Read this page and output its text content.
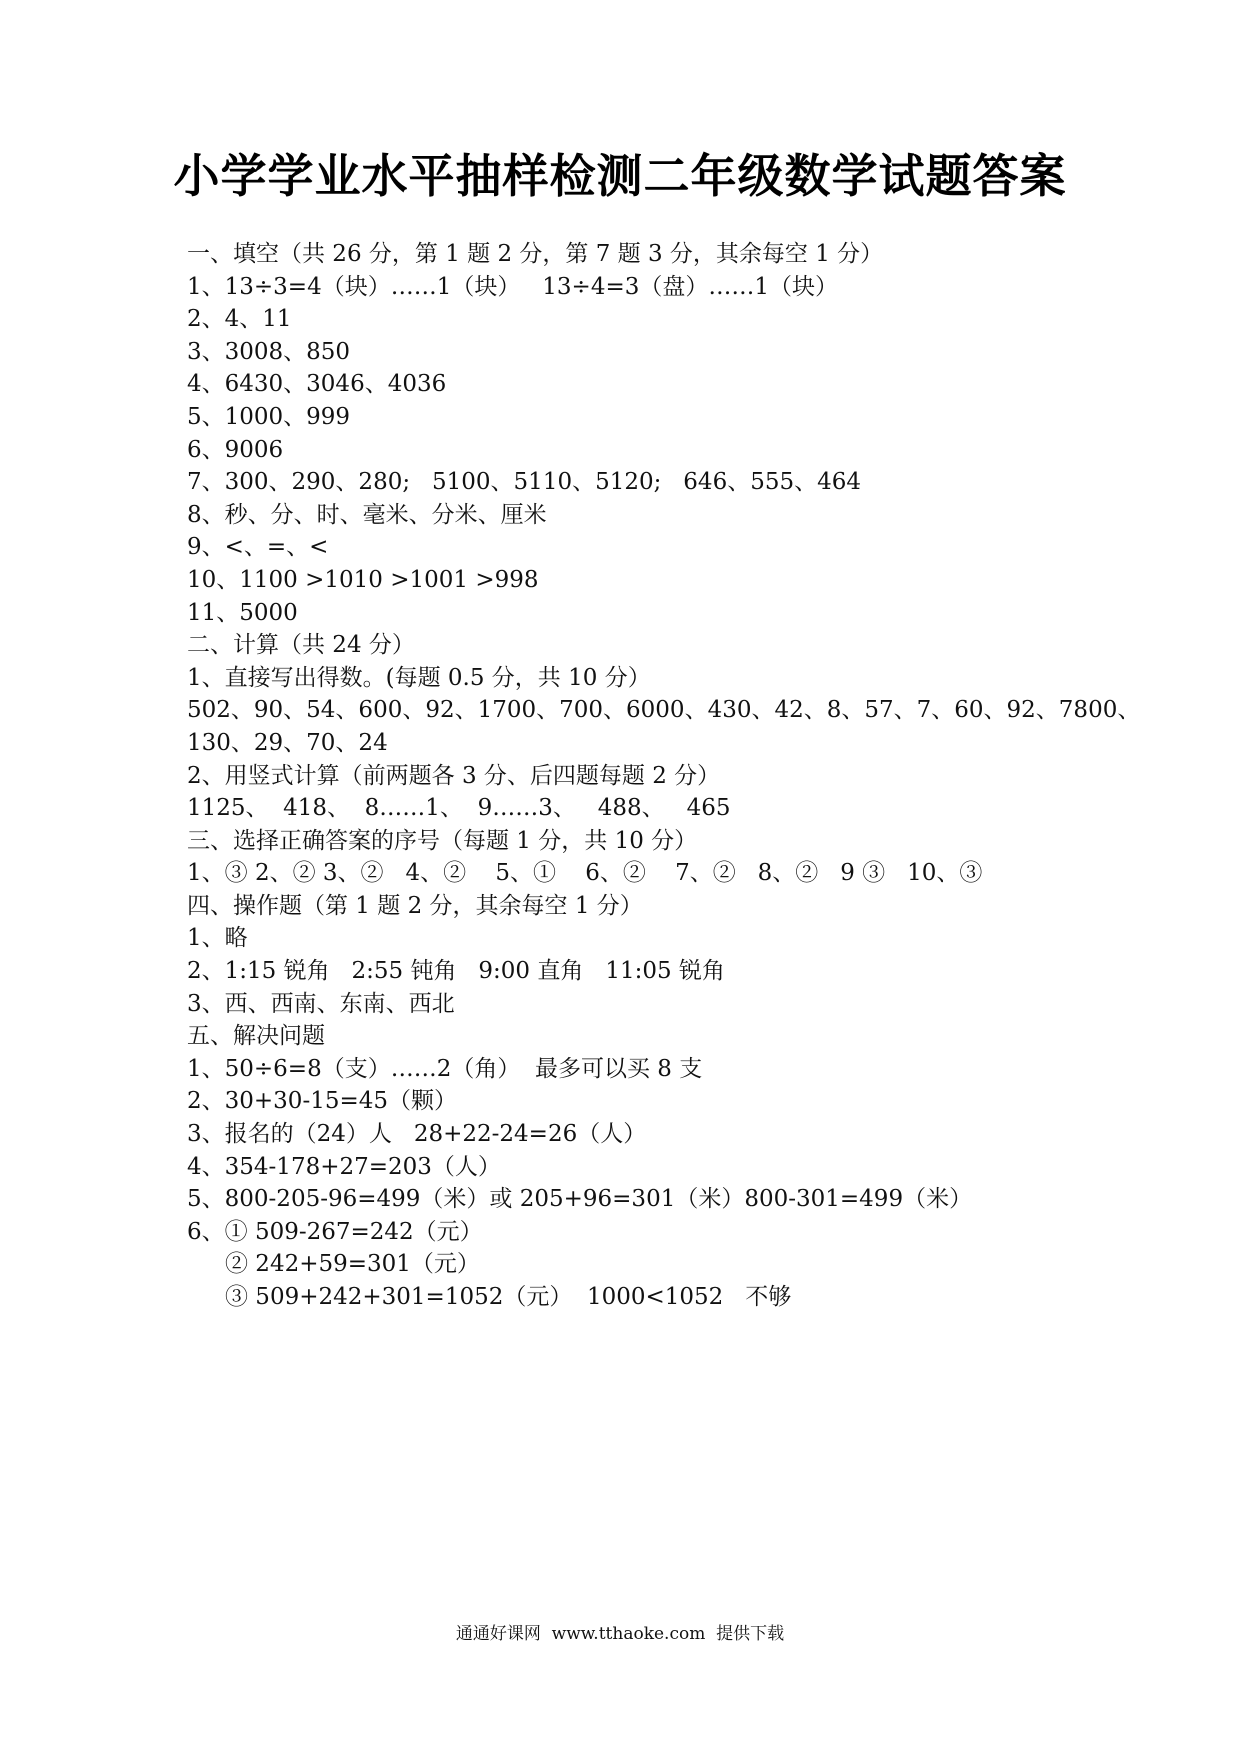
小学学业水平抽样检测二年级数学试题答案
一、填空（共 26 分，第 1 题 2 分，第 7 题 3 分，其余每空 1 分）
1、13÷3=4（块）……1（块）   13÷4=3（盘）……1（块）
2、4、11
3、3008、850
4、6430、3046、4036
5、1000、999
6、9006
7、300、290、280;   5100、5110、5120;   646、555、464
8、秒、分、时、毫米、分米、厘米
9、<、=、<
10、1100 >1010 >1001 >998
11、5000
二、计算（共 24 分）
1、直接写出得数。(每题 0.5 分，共 10 分）
502、90、54、600、92、1700、700、6000、430、42、8、57、7、60、92、7800、
130、29、70、24
2、用竖式计算（前两题各 3 分、后四题每题 2 分）
1125、  418、  8……1、  9……3、   488、   465
三、选择正确答案的序号（每题 1 分，共 10 分）
1、③ 2、② 3、②   4、②    5、①    6、②    7、②   8、②   9 ③   10、③
四、操作题（第 1 题 2 分，其余每空 1 分）
1、略
2、1:15 锐角   2:55 钝角   9:00 直角   11:05 锐角
3、西、西南、东南、西北
五、解决问题
1、50÷6=8（支）……2（角）  最多可以买 8 支
2、30+30-15=45（颗）
3、报名的（24）人   28+22-24=26（人）
4、354-178+27=203（人）
5、800-205-96=499（米）或 205+96=301（米）800-301=499（米）
6、① 509-267=242（元）
② 242+59=301（元）
③ 509+242+301=1052（元）  1000<1052   不够
通通好课网  www.tthaoke.com  提供下载
